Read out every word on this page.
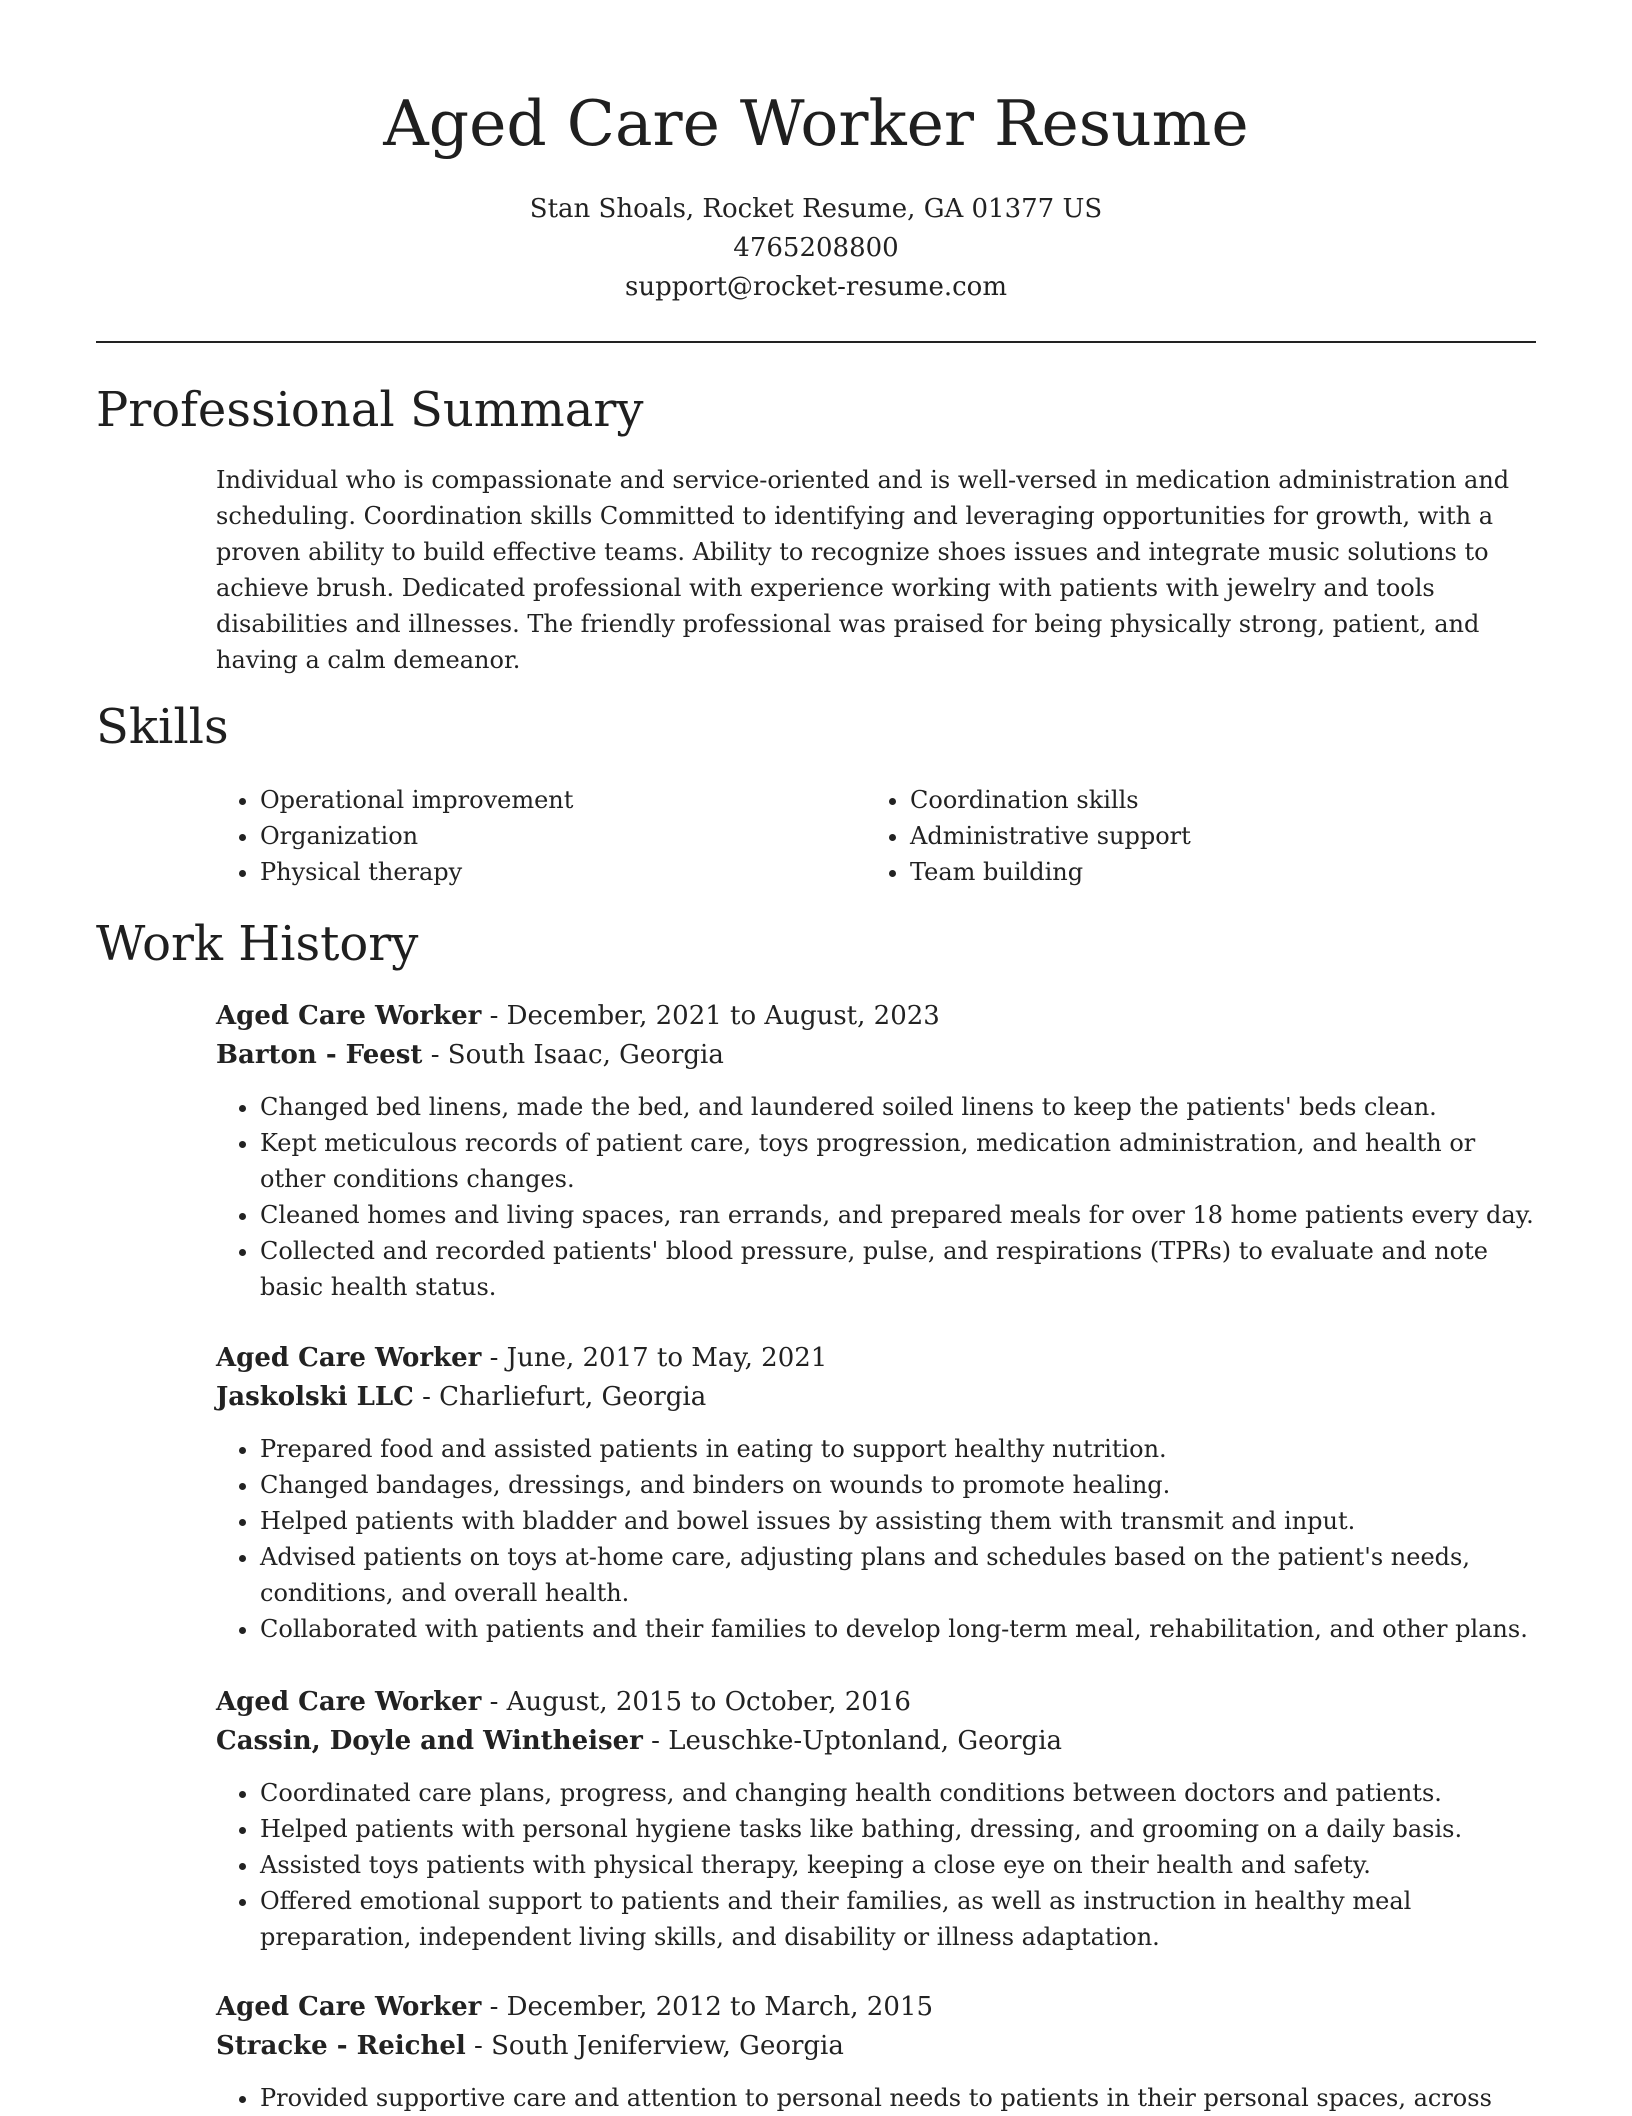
Aged Care Worker Resume
Stan Shoals, Rocket Resume, GA 01377 US
4765208800
support@rocket-resume.com
Professional Summary

Individual who is compassionate and service-oriented and is well-versed in medication administration and scheduling. Coordination skills Committed to identifying and leveraging opportunities for growth, with a proven ability to build effective teams. Ability to recognize shoes issues and integrate music solutions to achieve brush. Dedicated professional with experience working with patients with jewelry and tools disabilities and illnesses. The friendly professional was praised for being physically strong, patient, and having a calm demeanor.

Skills
• Operational improvement
• Organization
• Physical therapy
• Coordination skills
• Administrative support
• Team building
Work History
Aged Care Worker - December, 2021 to August, 2023
Barton - Feest - South Isaac, Georgia
• Changed bed linens, made the bed, and laundered soiled linens to keep the patients' beds clean.
• Kept meticulous records of patient care, toys progression, medication administration, and health or other conditions changes.
• Cleaned homes and living spaces, ran errands, and prepared meals for over 18 home patients every day.
• Collected and recorded patients' blood pressure, pulse, and respirations (TPRs) to evaluate and note basic health status.
Aged Care Worker - June, 2017 to May, 2021
Jaskolski LLC - Charliefurt, Georgia
• Prepared food and assisted patients in eating to support healthy nutrition.
• Changed bandages, dressings, and binders on wounds to promote healing.
• Helped patients with bladder and bowel issues by assisting them with transmit and input.
• Advised patients on toys at-home care, adjusting plans and schedules based on the patient's needs, conditions, and overall health.
• Collaborated with patients and their families to develop long-term meal, rehabilitation, and other plans.
Aged Care Worker - August, 2015 to October, 2016
Cassin, Doyle and Wintheiser - Leuschke-Uptonland, Georgia
• Coordinated care plans, progress, and changing health conditions between doctors and patients.
• Helped patients with personal hygiene tasks like bathing, dressing, and grooming on a daily basis.
• Assisted toys patients with physical therapy, keeping a close eye on their health and safety.
• Offered emotional support to patients and their families, as well as instruction in healthy meal preparation, independent living skills, and disability or illness adaptation.
Aged Care Worker - December, 2012 to March, 2015
Stracke - Reichel - South Jeniferview, Georgia
• Provided supportive care and attention to personal needs to patients in their personal spaces, across
